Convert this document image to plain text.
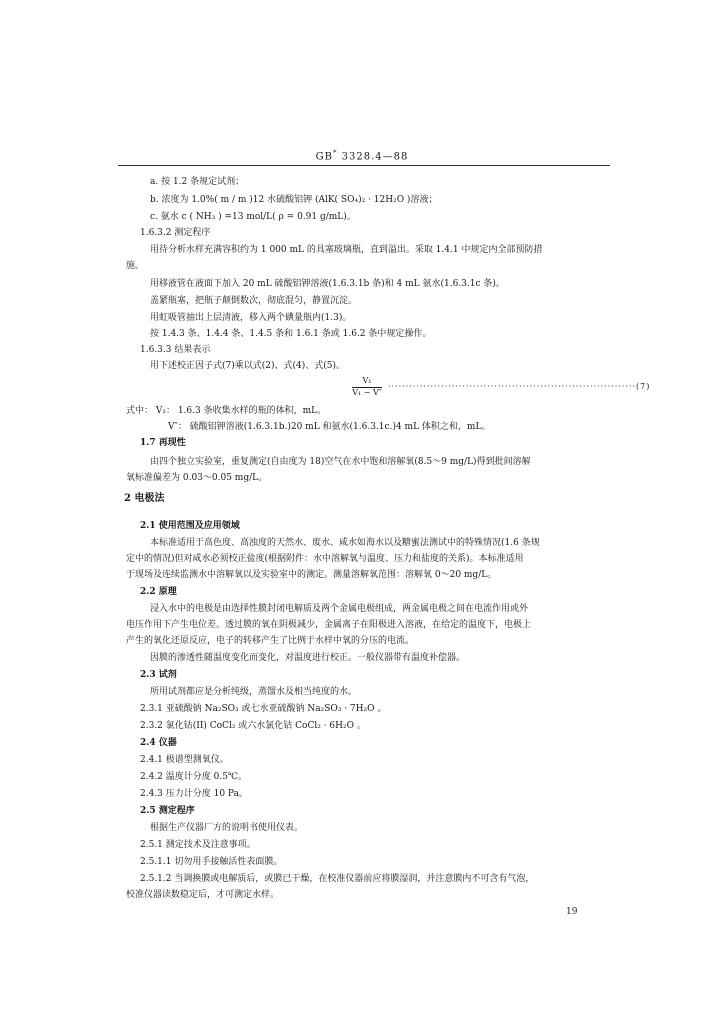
GB* 3328.4—88
a. 按 1.2 条规定试剂；
b. 浓度为 1.0%( m / m )12 水硫酸铝钾 (AlK( SO₄)₂ · 12H₂O )溶液；
c. 氨水 c ( NH₃ ) =13 mol/L( ρ = 0.91 g/mL)。
1.6.3.2 测定程序
用待分析水样充满容积约为 1 000 mL 的具塞玻璃瓶，直到溢出。采取 1.4.1 中规定内全部预防措
施。
用移液管在液面下加入 20 mL 硫酸铝钾溶液(1.6.3.1b 条)和 4 mL 氨水(1.6.3.1c 条)。
盖紧瓶塞，把瓶子颠倒数次，彻底混匀，静置沉淀。
用虹吸管抽出上层清液，移入两个碘量瓶内(1.3)。
按 1.4.3 条、1.4.4 条、1.4.5 条和 1.6.1 条或 1.6.2 条中规定操作。
1.6.3.3 结果表示
用下述校正因子式(7)乘以式(2)、式(4)、式(5)。
$\frac{\text{V₁}}{\text{V₁ − V″}} \cdot\cdot\cdot\cdot\cdot\cdot\cdot\cdot\cdot\cdot\cdot\cdot\cdot\cdot\cdot\cdot\cdot\cdot\cdot\cdot\cdot\cdot\cdot\cdot\cdot\cdot\cdot\cdot\cdot\cdot\cdot\cdot\cdot\cdot\cdot\cdot\cdot\cdot\cdot\cdot\cdot\cdot\cdot\cdot\cdot\cdot\cdot\cdot\cdot\cdot\cdot\cdot\cdot\cdot\cdot\cdot\cdot\cdot\cdot\cdot\cdot\cdot\cdot\cdot\cdot\cdot\cdot\cdot\cdot\cdot(7)$
式中： V₁： 1.6.3 条收集水样的瓶的体积，mL。
V″： 硫酸铝钾溶液(1.6.3.1b.)20 mL 和氨水(1.6.3.1c.)4 mL 体积之和，mL。
1.7 再现性
由四个独立实验室，重复测定(自由度为 18)空气在水中饱和溶解氧(8.5～9 mg/L)得到批间溶解
氧标准偏差为 0.03～0.05 mg/L。
2 电极法
2.1 使用范围及应用领域
本标准适用于高色度、高浊度的天然水、废水、咸水如海水以及糖蜜法测试中的特殊情况(1.6 条规
定中的情况)但对咸水必须校正盐度(根据附件：水中溶解氧与温度、压力和盐度的关系)。本标准适用
于现场及连续监测水中溶解氧以及实验室中的测定。测量溶解氧范围：溶解氧 0～20 mg/L。
2.2 原理
浸入水中的电极是由选择性膜封闭电解质及两个金属电极组成，两金属电极之间在电流作用或外
电压作用下产生电位差。透过膜的氧在阴极减少，金属离子在阳极进入溶液，在给定的温度下，电极上
产生的氧化还原反应，电子的转移产生了比例于水样中氧的分压的电流。
因膜的渗透性随温度变化而变化，对温度进行校正。一般仪器带有温度补偿器。
2.3 试剂
所用试剂都应是分析纯级，蒸馏水及相当纯度的水。
2.3.1 亚硫酸钠 Na₂SO₃ 或七水亚硫酸钠 Na₂SO₃ · 7H₂O 。
2.3.2 氯化钴(II) CoCl₂ 或六水氯化钴 CoCl₂ · 6H₂O 。
2.4 仪器
2.4.1 极谱型测氧仪。
2.4.2 温度计分度 0.5℃。
2.4.3 压力计分度 10 Pa。
2.5 测定程序
根据生产仪器厂方的说明书使用仪表。
2.5.1 测定技术及注意事项。
2.5.1.1 切勿用手接触活性表面膜。
2.5.1.2 当调换膜或电解质后，或膜已干燥，在校准仪器前应将膜湿润，并注意膜内不可含有气泡，
校准仪器读数稳定后，才可测定水样。
19
